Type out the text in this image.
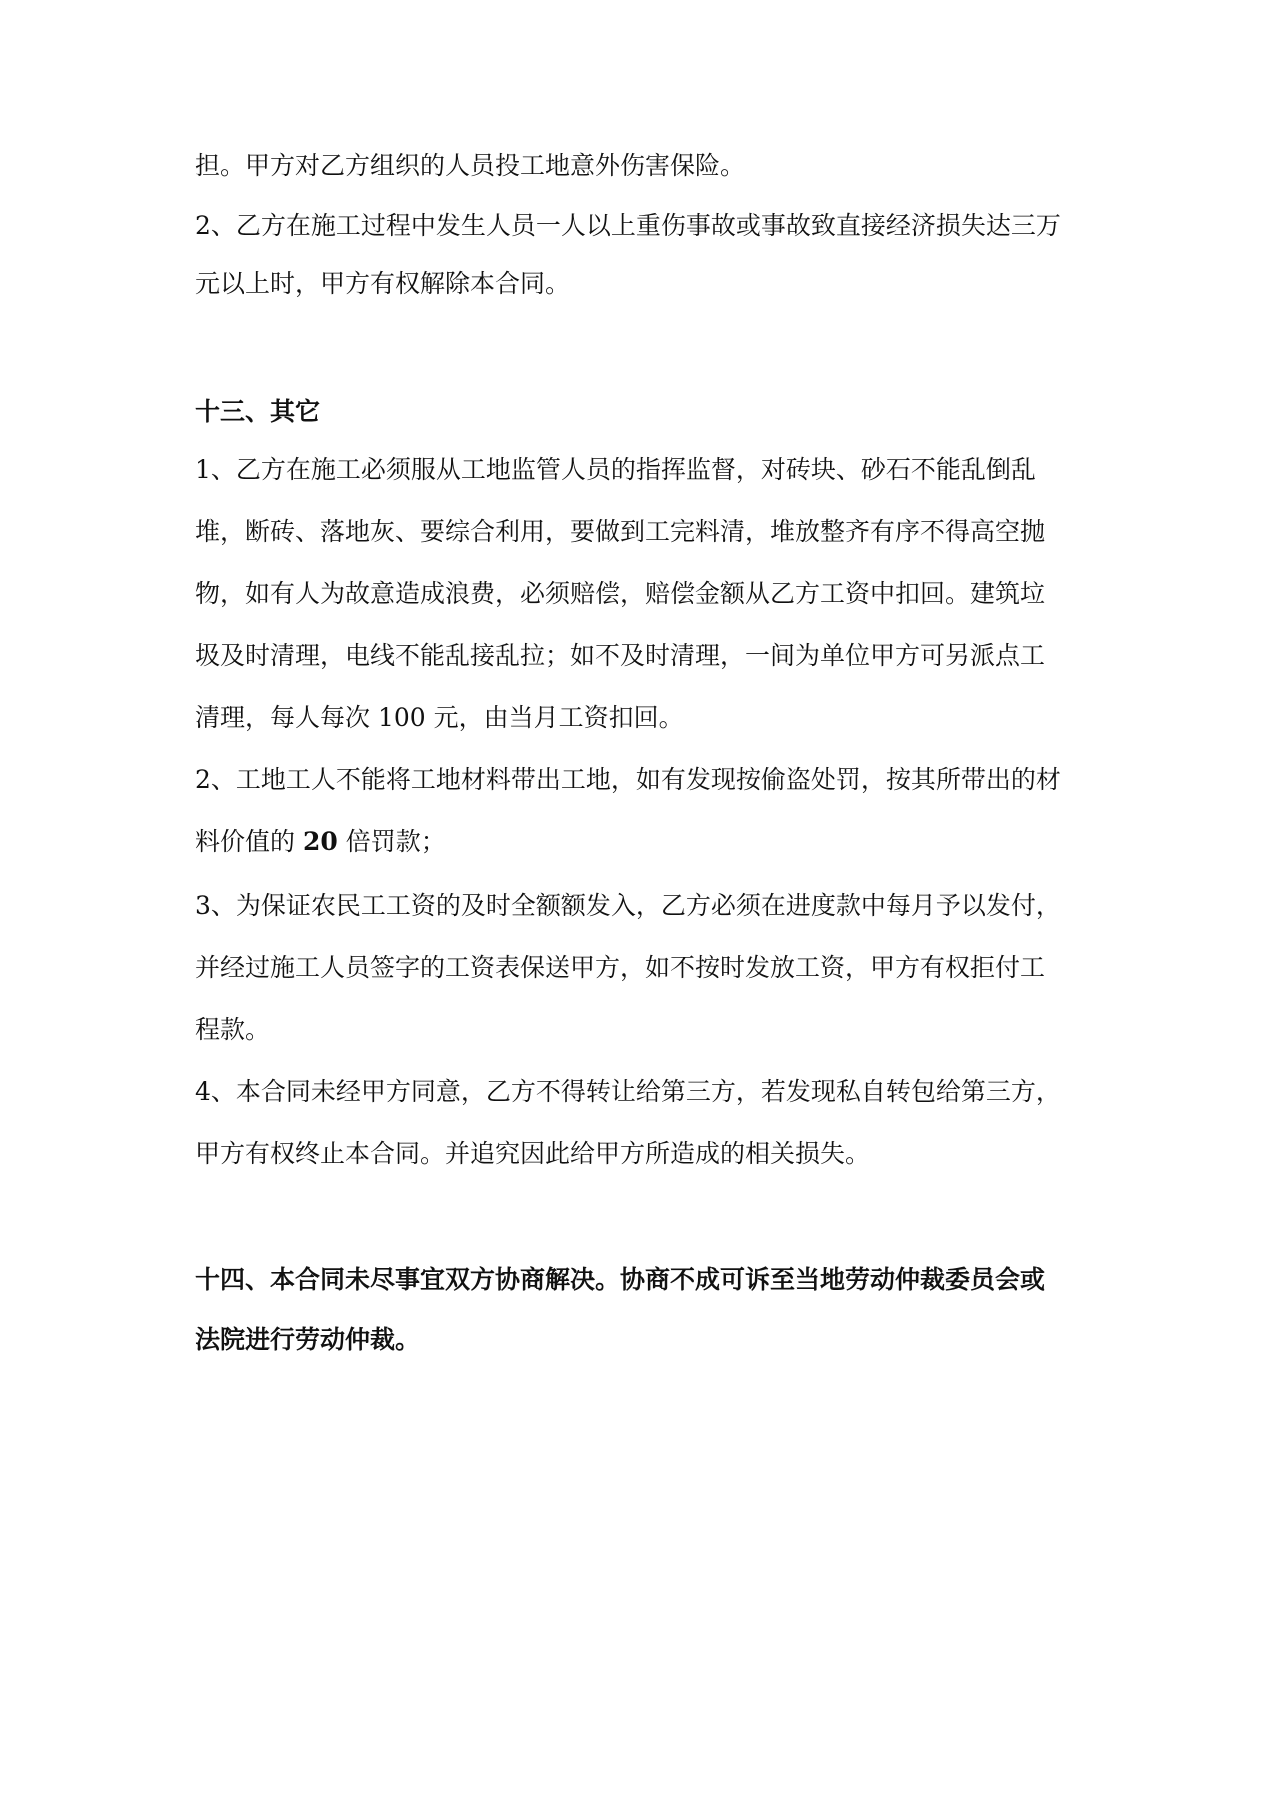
担。甲方对乙方组织的人员投工地意外伤害保险。
2、乙方在施工过程中发生人员一人以上重伤事故或事故致直接经济损失达三万
元以上时，甲方有权解除本合同。
十三、其它
1、乙方在施工必须服从工地监管人员的指挥监督，对砖块、砂石不能乱倒乱
堆，断砖、落地灰、要综合利用，要做到工完料清，堆放整齐有序不得高空抛
物，如有人为故意造成浪费，必须赔偿，赔偿金额从乙方工资中扣回。建筑垃
圾及时清理，电线不能乱接乱拉；如不及时清理，一间为单位甲方可另派点工
清理，每人每次 100 元，由当月工资扣回。
2、工地工人不能将工地材料带出工地，如有发现按偷盗处罚，按其所带出的材
料价值的 20 倍罚款；
3、为保证农民工工资的及时全额额发入，乙方必须在进度款中每月予以发付，
并经过施工人员签字的工资表保送甲方，如不按时发放工资，甲方有权拒付工
程款。
4、本合同未经甲方同意，乙方不得转让给第三方，若发现私自转包给第三方，
甲方有权终止本合同。并追究因此给甲方所造成的相关损失。
十四、本合同未尽事宜双方协商解决。协商不成可诉至当地劳动仲裁委员会或
法院进行劳动仲裁。
